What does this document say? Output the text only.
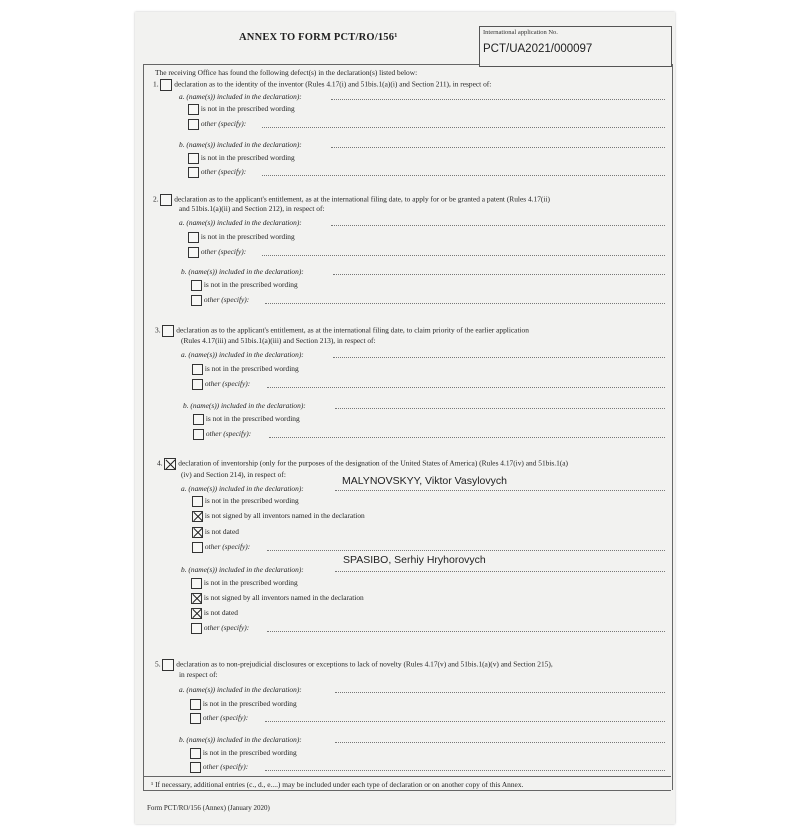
ANNEX TO FORM PCT/RO/156¹	International application No.
PCT/UA2021/000097
The receiving Office has found the following defect(s) in the declaration(s) listed below:
1. declaration as to the identity of the inventor (Rules 4.17(i) and 51bis.1(a)(i) and Section 211), in respect of:
a. (name(s)) included in the declaration):
is not in the prescribed wording
other (specify):
b. (name(s)) included in the declaration):
is not in the prescribed wording
other (specify):
2. declaration as to the applicant's entitlement, as at the international filing date, to apply for or be granted a patent (Rules 4.17(ii)
and 51bis.1(a)(ii) and Section 212), in respect of:
a. (name(s)) included in the declaration):
is not in the prescribed wording
other (specify):
b. (name(s)) included in the declaration):
is not in the prescribed wording
other (specify):
3. declaration as to the applicant's entitlement, as at the international filing date, to claim priority of the earlier application
(Rules 4.17(iii) and 51bis.1(a)(iii) and Section 213), in respect of:
a. (name(s)) included in the declaration):
is not in the prescribed wording
other (specify):
b. (name(s)) included in the declaration):
is not in the prescribed wording
other (specify):
4. declaration of inventorship (only for the purposes of the designation of the United States of America) (Rules 4.17(iv) and 51bis.1(a)
(iv) and Section 214), in respect of:
a. (name(s)) included in the declaration):
MALYNOVSKYY, Viktor Vasylovych
is not in the prescribed wording
is not signed by all inventors named in the declaration
is not dated
other (specify):
b. (name(s)) included in the declaration):
SPASIBO, Serhiy Hryhorovych
is not in the prescribed wording
is not signed by all inventors named in the declaration
is not dated
other (specify):
5. declaration as to non-prejudicial disclosures or exceptions to lack of novelty (Rules 4.17(v) and 51bis.1(a)(v) and Section 215),
in respect of:
a. (name(s)) included in the declaration):
is not in the prescribed wording
other (specify):
b. (name(s)) included in the declaration):
is not in the prescribed wording
other (specify):
¹ If necessary, additional entries (c., d., e....) may be included under each type of declaration or on another copy of this Annex.
Form PCT/RO/156 (Annex) (January 2020)
